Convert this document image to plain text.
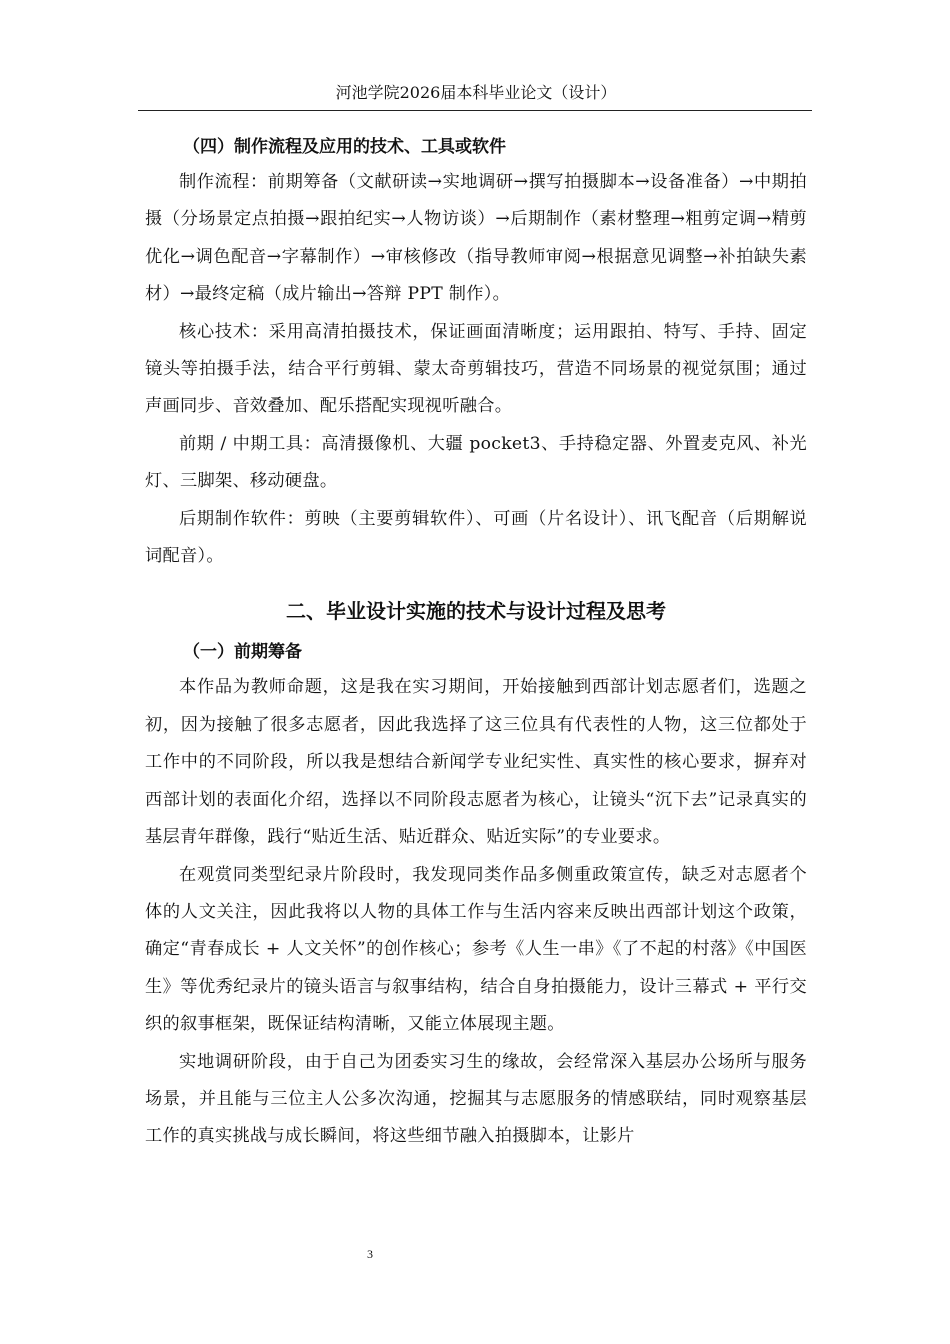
河池学院2026届本科毕业论文（设计）
（四）制作流程及应用的技术、工具或软件

制作流程：前期筹备（文献研读→实地调研→撰写拍摄脚本→设备准备）→中期拍摄（分场景定点拍摄→跟拍纪实→人物访谈）→后期制作（素材整理→粗剪定调→精剪优化→调色配音→字幕制作）→审核修改（指导教师审阅→根据意见调整→补拍缺失素材）→最终定稿（成片输出→答辩 PPT 制作）。

核心技术：采用高清拍摄技术，保证画面清晰度；运用跟拍、特写、手持、固定镜头等拍摄手法，结合平行剪辑、蒙太奇剪辑技巧，营造不同场景的视觉氛围；通过声画同步、音效叠加、配乐搭配实现视听融合。

前期 / 中期工具：高清摄像机、大疆 pocket3、手持稳定器、外置麦克风、补光灯、三脚架、移动硬盘。

后期制作软件：剪映（主要剪辑软件）、可画（片名设计）、讯飞配音（后期解说词配音）。

二、毕业设计实施的技术与设计过程及思考
（一）前期筹备

本作品为教师命题，这是我在实习期间，开始接触到西部计划志愿者们，选题之初，因为接触了很多志愿者，因此我选择了这三位具有代表性的人物，这三位都处于工作中的不同阶段，所以我是想结合新闻学专业纪实性、真实性的核心要求，摒弃对西部计划的表面化介绍，选择以不同阶段志愿者为核心，让镜头“沉下去”记录真实的基层青年群像，践行“贴近生活、贴近群众、贴近实际”的专业要求。

在观赏同类型纪录片阶段时，我发现同类作品多侧重政策宣传，缺乏对志愿者个体的人文关注，因此我将以人物的具体工作与生活内容来反映出西部计划这个政策，确定“青春成长 + 人文关怀”的创作核心；参考《人生一串》《了不起的村落》《中国医生》等优秀纪录片的镜头语言与叙事结构，结合自身拍摄能力，设计三幕式 + 平行交织的叙事框架，既保证结构清晰，又能立体展现主题。

实地调研阶段，由于自己为团委实习生的缘故，会经常深入基层办公场所与服务场景，并且能与三位主人公多次沟通，挖掘其与志愿服务的情感联结，同时观察基层工作的真实挑战与成长瞬间，将这些细节融入拍摄脚本，让影片

3
